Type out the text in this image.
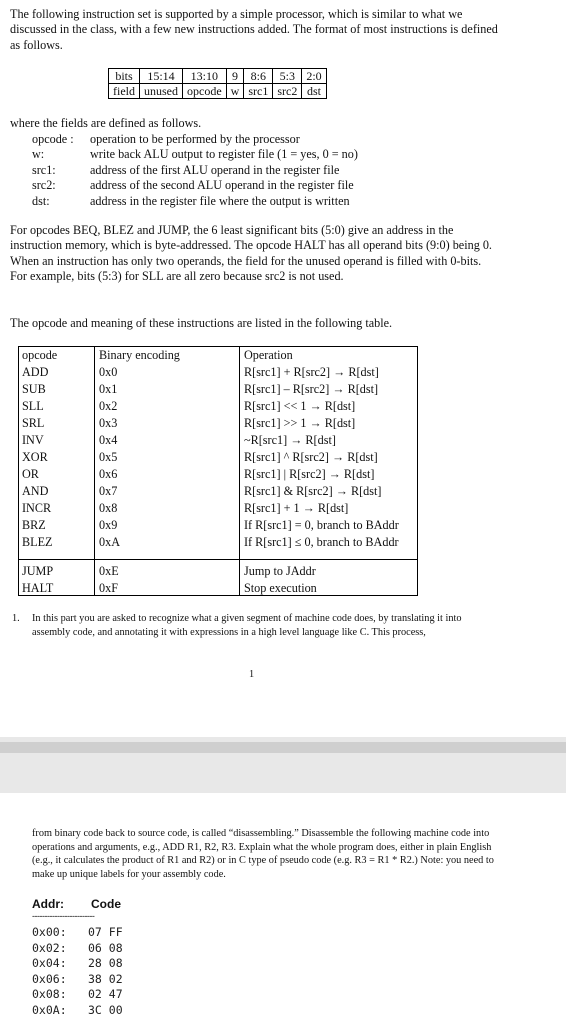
The following instruction set is supported by a simple processor, which is similar to what we discussed in the class, with a few new instructions added. The format of most instructions is defined as follows.

bits	15:14	13:10	9	8:6	5:3	2:0
field	unused	opcode	w	src1	src2	dst

where the fields are defined as follows.

opcode :	operation to be performed by the processor
w:	write back ALU output to register file (1 = yes, 0 = no)
src1:	address of the first ALU operand in the register file
src2:	address of the second ALU operand in the register file
dst:	address in the register file where the output is written

For opcodes BEQ, BLEZ and JUMP, the 6 least significant bits (5:0) give an address in the instruction memory, which is byte-addressed. The opcode HALT has all operand bits (9:0) being 0. When an instruction has only two operands, the field for the unused operand is filled with 0-bits. For example, bits (5:3) for SLL are all zero because src2 is not used.

The opcode and meaning of these instructions are listed in the following table.

opcode	Binary encoding	Operation
ADD	0x0	R[src1] + R[src2] → R[dst]
SUB	0x1	R[src1] – R[src2] → R[dst]
SLL	0x2	R[src1] << 1 → R[dst]
SRL	0x3	R[src1] >> 1 → R[dst]
INV	0x4	~R[src1] → R[dst]
XOR	0x5	R[src1] ^ R[src2] → R[dst]
OR	0x6	R[src1] | R[src2] → R[dst]
AND	0x7	R[src1] & R[src2] → R[dst]
INCR	0x8	R[src1] + 1 → R[dst]
BRZ	0x9	If R[src1] = 0, branch to BAddr
BLEZ	0xA	If R[src1] ≤ 0, branch to BAddr
JUMP	0xE	Jump to JAddr
HALT	0xF	Stop execution
1. In this part you are asked to recognize what a given segment of machine code does, by translating it into assembly code, and annotating it with expressions in a high level language like C. This process,

1

from binary code back to source code, is called “disassembling.” Disassemble the following machine code into operations and arguments, e.g., ADD R1, R2, R3. Explain what the whole program does, either in plain English (e.g., it calculates the product of R1 and R2) or in C type of pseudo code (e.g. R3 = R1 * R2.) Note: you need to make up unique labels for your assembly code.

Addr: Code
-------------------------
0x00: 07 FF
0x02: 06 08
0x04: 28 08
0x06: 38 02
0x08: 02 47
0x0A: 3C 00
